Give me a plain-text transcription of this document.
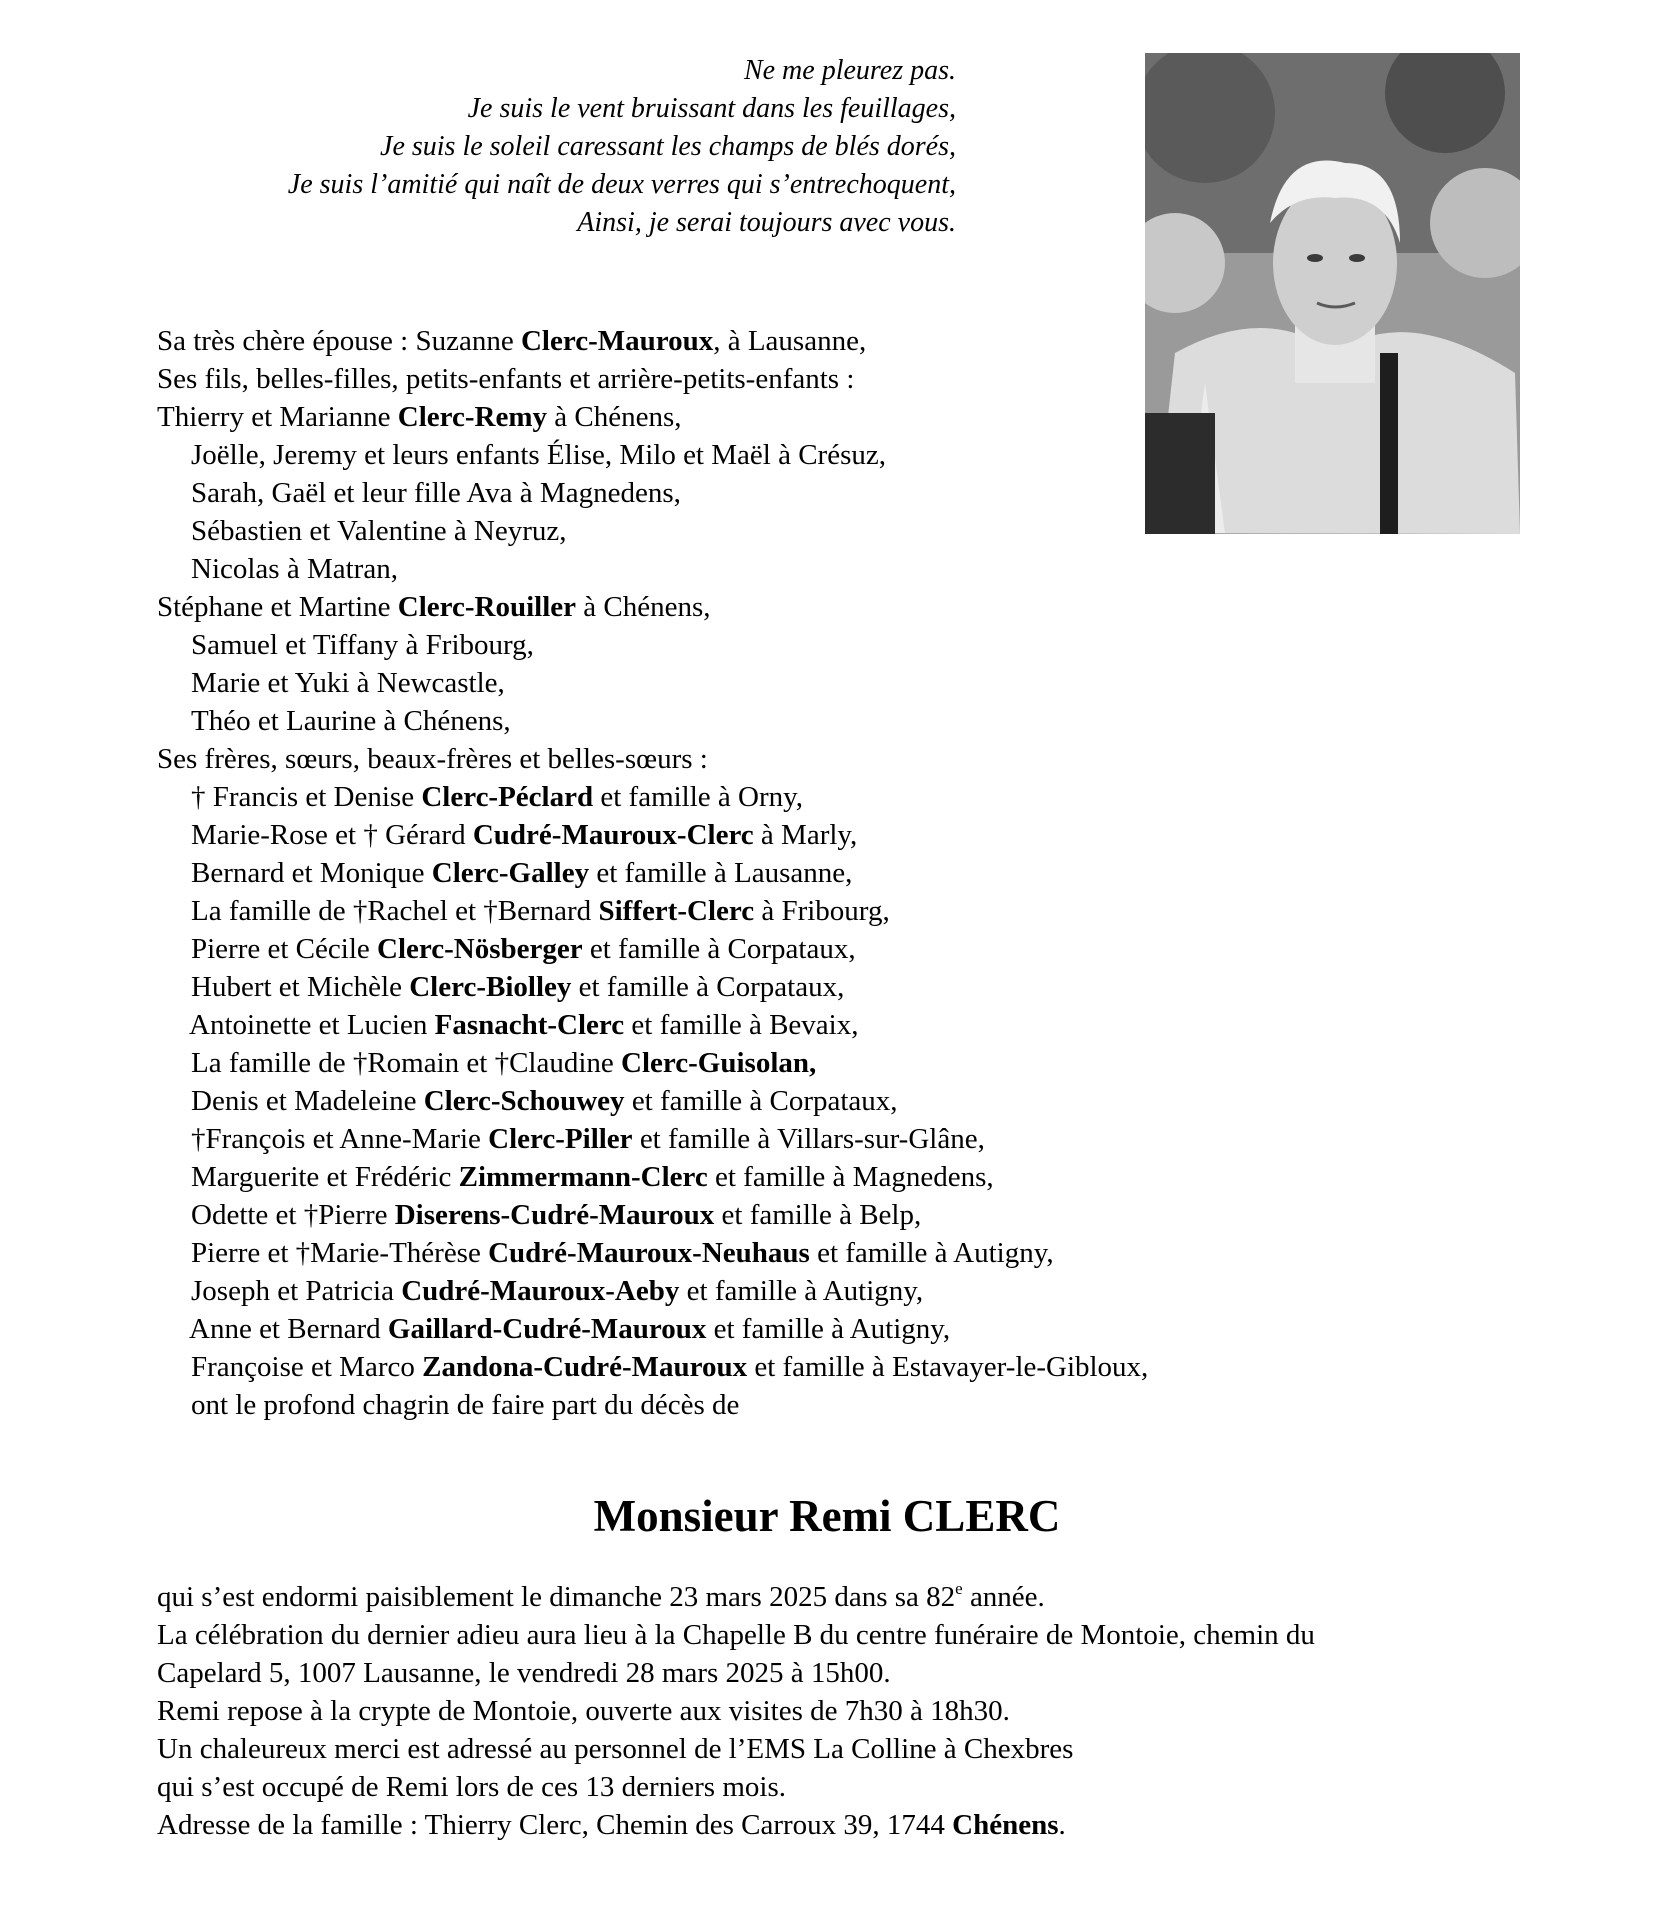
Ne me pleurez pas.
Je suis le vent bruissant dans les feuillages,
Je suis le soleil caressant les champs de blés dorés,
Je suis l’amitié qui naît de deux verres qui s’entrechoquent,
Ainsi, je serai toujours avec vous.
Sa très chère épouse : Suzanne Clerc-Mauroux, à Lausanne,
Ses fils, belles-filles, petits-enfants et arrière-petits-enfants :
Thierry et Marianne Clerc-Remy à Chénens,
Joëlle, Jeremy et leurs enfants Élise, Milo et Maël à Crésuz,
Sarah, Gaël et leur fille Ava à Magnedens,
Sébastien et Valentine à Neyruz,
Nicolas à Matran,
Stéphane et Martine Clerc-Rouiller à Chénens,
Samuel et Tiffany à Fribourg,
Marie et Yuki à Newcastle,
Théo et Laurine à Chénens,
Ses frères, sœurs, beaux-frères et belles-sœurs :
† Francis et Denise Clerc-Péclard et famille à Orny,
Marie-Rose et † Gérard Cudré-Mauroux-Clerc à Marly,
Bernard et Monique Clerc-Galley et famille à Lausanne,
La famille de †Rachel et †Bernard Siffert-Clerc à Fribourg,
Pierre et Cécile Clerc-Nösberger et famille à Corpataux,
Hubert et Michèle Clerc-Biolley et famille à Corpataux,
Antoinette et Lucien Fasnacht-Clerc et famille à Bevaix,
La famille de †Romain et †Claudine Clerc-Guisolan,
Denis et Madeleine Clerc-Schouwey et famille à Corpataux,
†François et Anne-Marie Clerc-Piller et famille à Villars-sur-Glâne,
Marguerite et Frédéric Zimmermann-Clerc et famille à Magnedens,
Odette et †Pierre Diserens-Cudré-Mauroux et famille à Belp,
Pierre et †Marie-Thérèse Cudré-Mauroux-Neuhaus et famille à Autigny,
Joseph et Patricia Cudré-Mauroux-Aeby et famille à Autigny,
Anne et Bernard Gaillard-Cudré-Mauroux et famille à Autigny,
Françoise et Marco Zandona-Cudré-Mauroux et famille à Estavayer-le-Gibloux,
ont le profond chagrin de faire part du décès de
Monsieur Remi CLERC
qui s’est endormi paisiblement le dimanche 23 mars 2025 dans sa 82e année.
La célébration du dernier adieu aura lieu à la Chapelle B du centre funéraire de Montoie, chemin du
Capelard 5, 1007 Lausanne, le vendredi 28 mars 2025 à 15h00.
Remi repose à la crypte de Montoie, ouverte aux visites de 7h30 à 18h30.
Un chaleureux merci est adressé au personnel de l’EMS La Colline à Chexbres
qui s’est occupé de Remi lors de ces 13 derniers mois.
Adresse de la famille : Thierry Clerc, Chemin des Carroux 39, 1744 Chénens.
